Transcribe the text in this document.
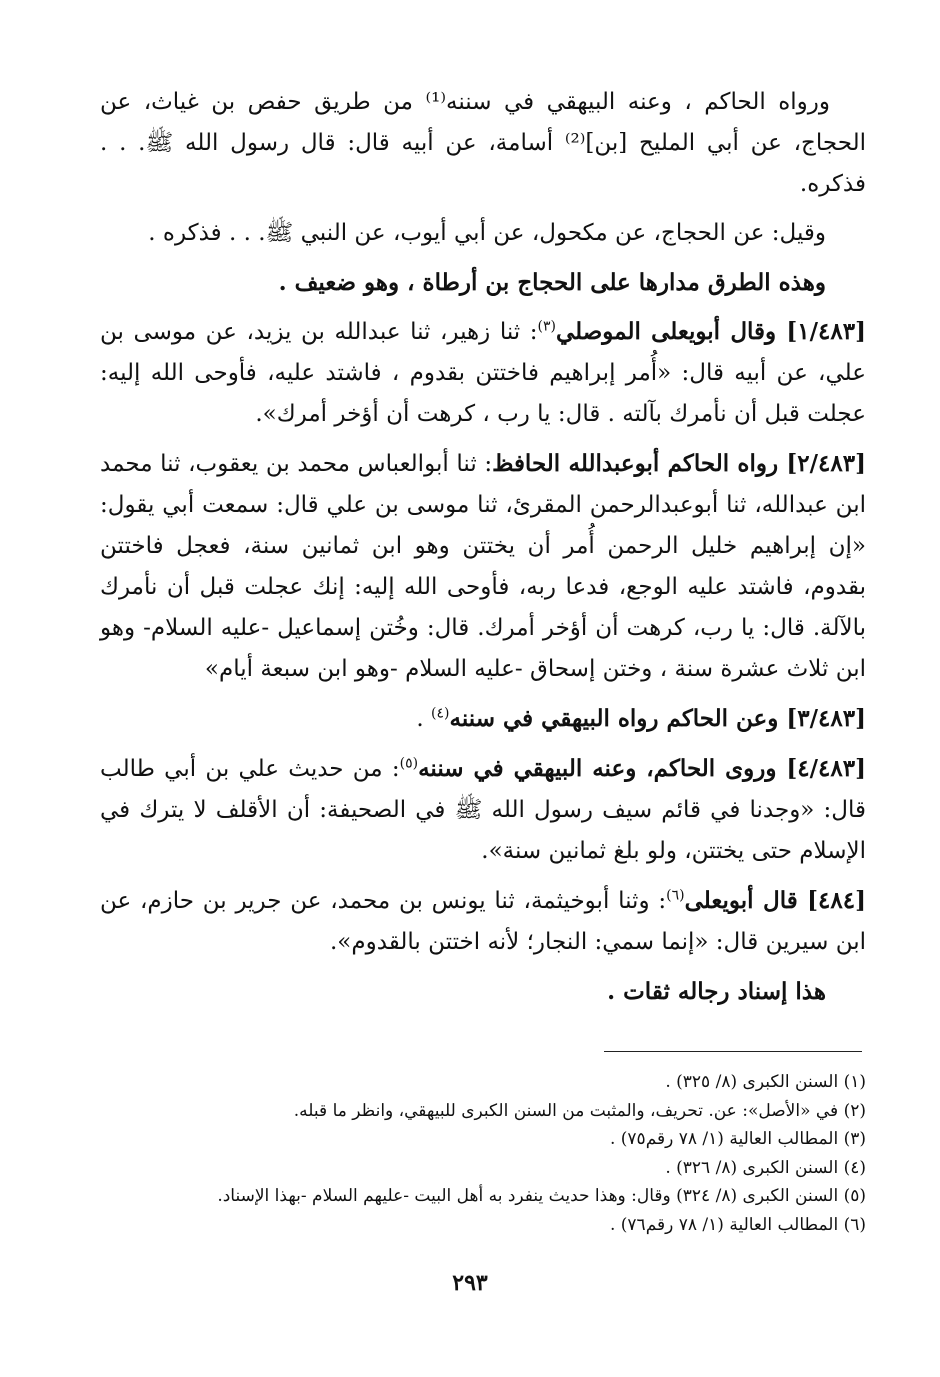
ورواه الحاكم ، وعنه البيهقي في سننه⁽¹⁾ من طريق حفص بن غياث، عن الحجاج، عن أبي المليح [بن]⁽²⁾ أسامة، عن أبيه قال: قال رسول الله ﷺ. . . فذكره.

وقيل: عن الحجاج، عن مكحول، عن أبي أيوب، عن النبي ﷺ. . . فذكره .

وهذه الطرق مدارها على الحجاج بن أرطاة ، وهو ضعيف .

[١/٤٨٣] وقال أبويعلى الموصلي$^{(٣)}$: ثنا زهير، ثنا عبدالله بن يزيد، عن موسى بن علي، عن أبيه قال: «أُمر إبراهيم فاختتن بقدوم ، فاشتد عليه، فأوحى الله إليه: عجلت قبل أن نأمرك بآلته . قال: يا رب ، كرهت أن أؤخر أمرك».

[٢/٤٨٣] رواه الحاكم أبوعبدالله الحافظ: ثنا أبوالعباس محمد بن يعقوب، ثنا محمد ابن عبدالله، ثنا أبوعبدالرحمن المقرئ، ثنا موسى بن علي قال: سمعت أبي يقول: «إن إبراهيم خليل الرحمن أُمر أن يختتن وهو ابن ثمانين سنة، فعجل فاختتن بقدوم، فاشتد عليه الوجع، فدعا ربه، فأوحى الله إليه: إنك عجلت قبل أن نأمرك بالآلة. قال: يا رب، كرهت أن أؤخر أمرك. قال: وخُتن إسماعيل -عليه السلام- وهو ابن ثلاث عشرة سنة ، وختن إسحاق -عليه السلام -وهو ابن سبعة أيام»

[٣/٤٨٣] وعن الحاكم رواه البيهقي في سننه$^{(٤)}$ .

[٤/٤٨٣] وروى الحاكم، وعنه البيهقي في سننه$^{(٥)}$: من حديث علي بن أبي طالب قال: «وجدنا في قائم سيف رسول الله ﷺ في الصحيفة: أن الأقلف لا يترك في الإسلام حتى يختتن، ولو بلغ ثمانين سنة».

[٤٨٤] قال أبويعلى$^{(٦)}$: وثنا أبوخيثمة، ثنا يونس بن محمد، عن جرير بن حازم، عن ابن سيرين قال: «إنما سمي: النجار؛ لأنه اختتن بالقدوم».

هذا إسناد رجاله ثقات .

(١) السنن الكبرى (٨/ ٣٢٥) .
(٢) في «الأصل»: عن. تحريف، والمثبت من السنن الكبرى للبيهقي، وانظر ما قبله.
(٣) المطالب العالية (١/ ٧٨ رقم٧٥) .
(٤) السنن الكبرى (٨/ ٣٢٦) .
(٥) السنن الكبرى (٨/ ٣٢٤) وقال: وهذا حديث ينفرد به أهل البيت -عليهم السلام -بهذا الإسناد.
(٦) المطالب العالية (١/ ٧٨ رقم٧٦) .
٢٩٣
